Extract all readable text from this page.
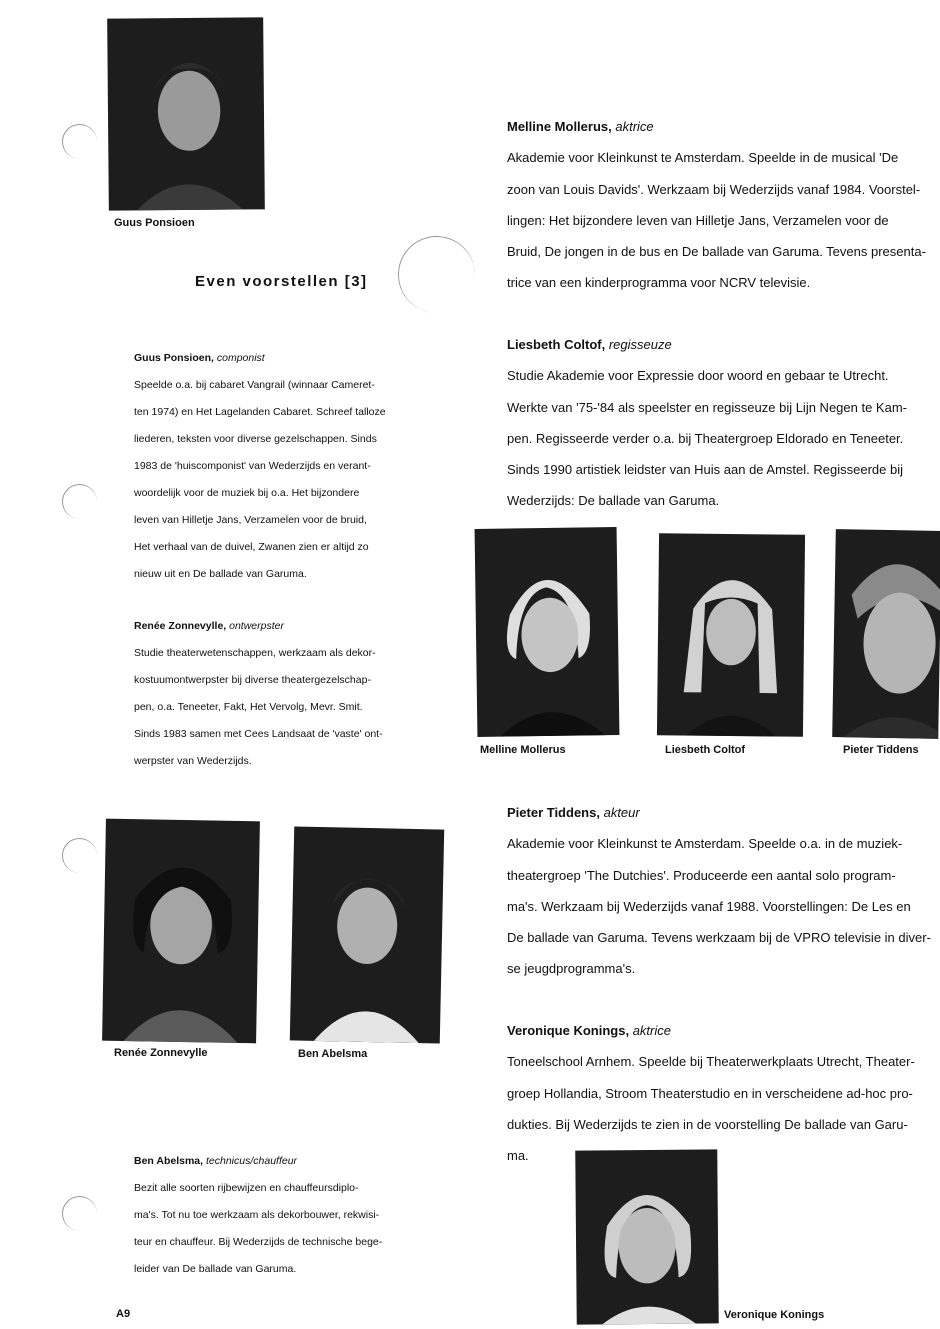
Guus Ponsioen
Even voorstellen [3]
Guus Ponsioen, componist
Speelde o.a. bij cabaret Vangrail (winnaar Cameret-
ten 1974) en Het Lagelanden Cabaret. Schreef talloze
liederen, teksten voor diverse gezelschappen. Sinds
1983 de 'huiscomponist' van Wederzijds en verant-
woordelijk voor de muziek bij o.a. Het bijzondere
leven van Hilletje Jans, Verzamelen voor de bruid,
Het verhaal van de duivel, Zwanen zien er altijd zo
nieuw uit en De ballade van Garuma.
Renée Zonnevylle, ontwerpster
Studie theaterwetenschappen, werkzaam als dekor-
kostuumontwerpster bij diverse theatergezelschap-
pen, o.a. Teneeter, Fakt, Het Vervolg, Mevr. Smit.
Sinds 1983 samen met Cees Landsaat de 'vaste' ont-
werpster van Wederzijds.
Renée Zonnevylle	Ben Abelsma
Ben Abelsma, technicus/chauffeur
Bezit alle soorten rijbewijzen en chauffeursdiplo-
ma's. Tot nu toe werkzaam als dekorbouwer, rekwisi-
teur en chauffeur. Bij Wederzijds de technische bege-
leider van De ballade van Garuma.
A9
Melline Mollerus, aktrice
Akademie voor Kleinkunst te Amsterdam. Speelde in de musical 'De
zoon van Louis Davids'. Werkzaam bij Wederzijds vanaf 1984. Voorstel-
lingen: Het bijzondere leven van Hilletje Jans, Verzamelen voor de
Bruid, De jongen in de bus en De ballade van Garuma. Tevens presenta-
trice van een kinderprogramma voor NCRV televisie.
Liesbeth Coltof, regisseuze
Studie Akademie voor Expressie door woord en gebaar te Utrecht.
Werkte van '75-'84 als speelster en regisseuze bij Lijn Negen te Kam-
pen. Regisseerde verder o.a. bij Theatergroep Eldorado en Teneeter.
Sinds 1990 artistiek leidster van Huis aan de Amstel. Regisseerde bij
Wederzijds: De ballade van Garuma.
Melline Mollerus	Liesbeth Coltof	Pieter Tiddens
Pieter Tiddens, akteur
Akademie voor Kleinkunst te Amsterdam. Speelde o.a. in de muziek-
theatergroep 'The Dutchies'. Produceerde een aantal solo program-
ma's. Werkzaam bij Wederzijds vanaf 1988. Voorstellingen: De Les en
De ballade van Garuma. Tevens werkzaam bij de VPRO televisie in diver-
se jeugdprogramma's.
Veronique Konings, aktrice
Toneelschool Arnhem. Speelde bij Theaterwerkplaats Utrecht, Theater-
groep Hollandia, Stroom Theaterstudio en in verscheidene ad-hoc pro-
dukties. Bij Wederzijds te zien in de voorstelling De ballade van Garu-
ma.
Veronique Konings
